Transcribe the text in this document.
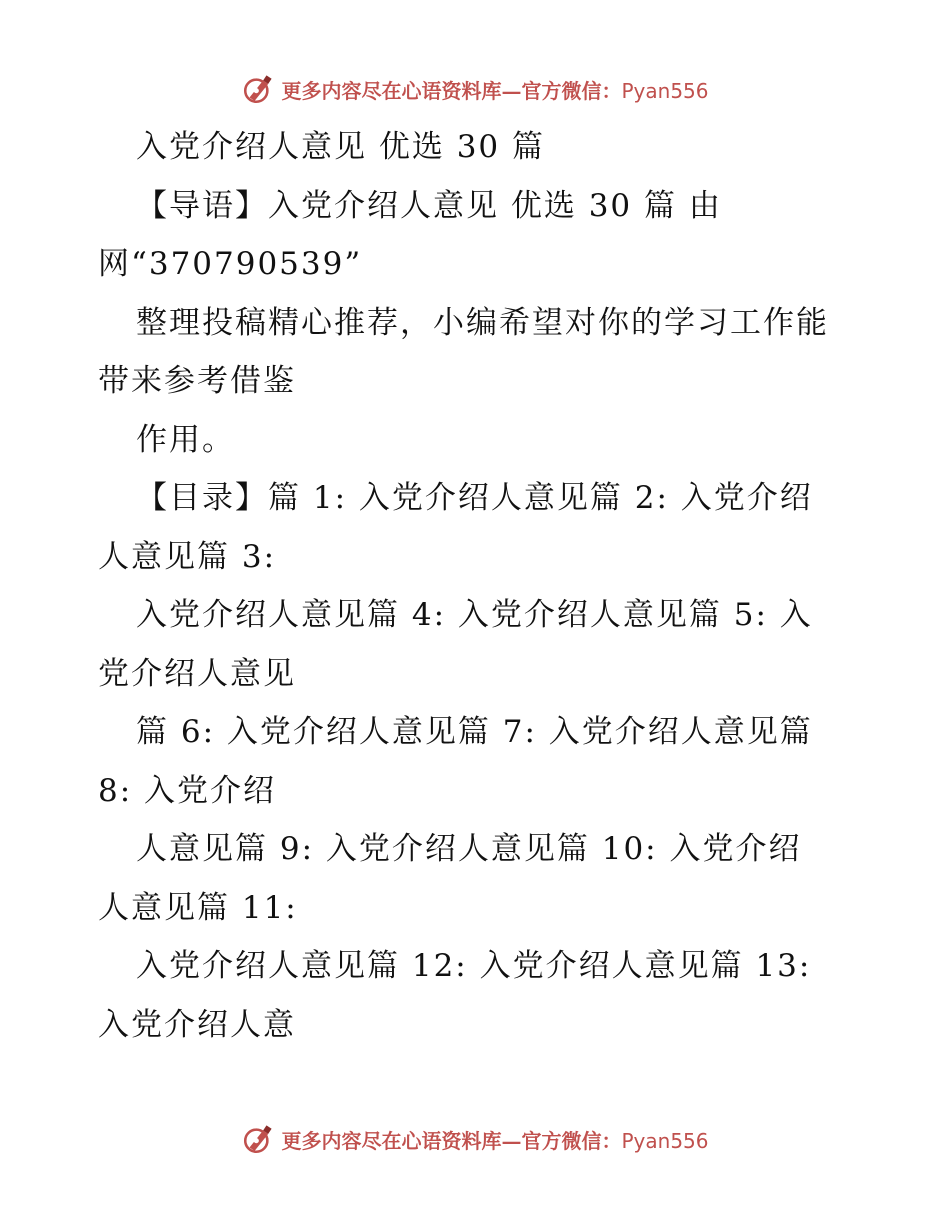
更多内容尽在心语资料库—官方微信：Pyan556

入党介绍人意见 优选 30 篇

【导语】入党介绍人意见 优选 30 篇 由

网“370790539”

整理投稿精心推荐，小编希望对你的学习工作能

带来参考借鉴

作用。

【目录】篇 1: 入党介绍人意见篇 2: 入党介绍

人意见篇 3:

入党介绍人意见篇 4: 入党介绍人意见篇 5: 入

党介绍人意见

篇 6: 入党介绍人意见篇 7: 入党介绍人意见篇

8: 入党介绍

人意见篇 9: 入党介绍人意见篇 10: 入党介绍

人意见篇 11:

入党介绍人意见篇 12: 入党介绍人意见篇 13:

入党介绍人意

更多内容尽在心语资料库—官方微信：Pyan556
